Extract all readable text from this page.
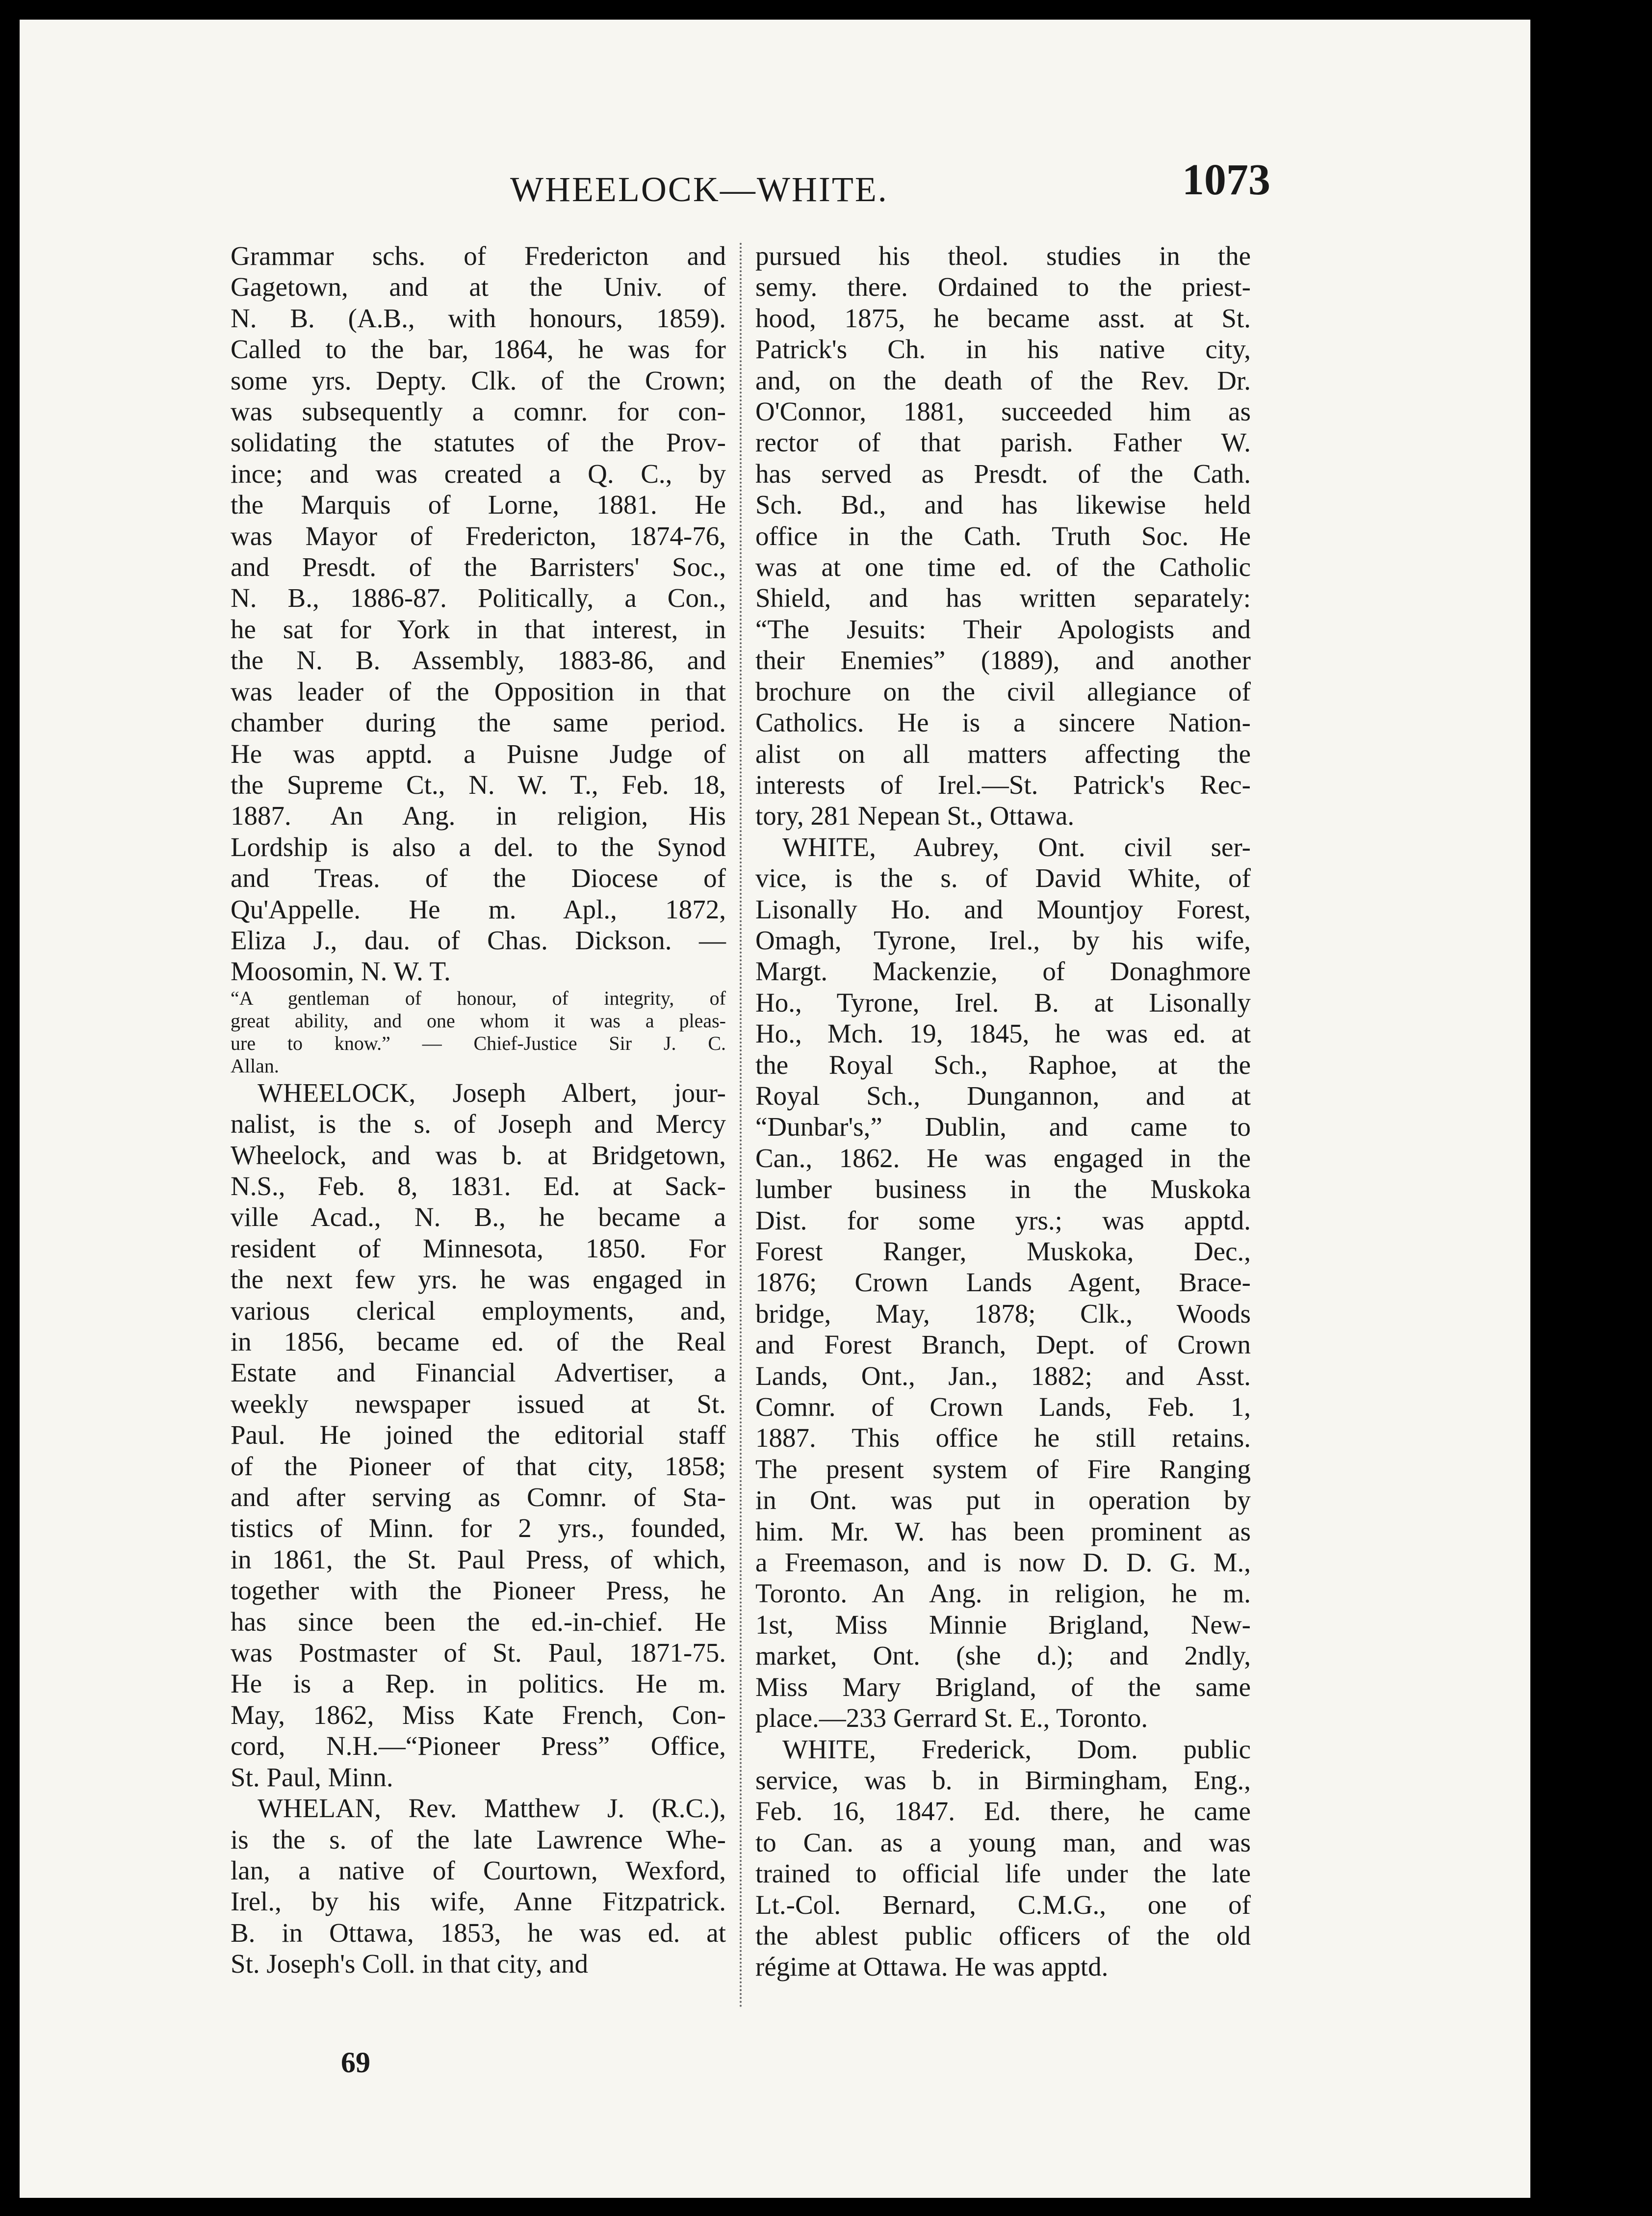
WHEELOCK—WHITE.	1073
Grammar schs. of Fredericton and
Gagetown, and at the Univ. of
N. B. (A.B., with honours, 1859).
Called to the bar, 1864, he was for
some yrs. Depty. Clk. of the Crown;
was subsequently a comnr. for con-
solidating the statutes of the Prov-
ince; and was created a Q. C., by
the Marquis of Lorne, 1881. He
was Mayor of Fredericton, 1874-76,
and Presdt. of the Barristers' Soc.,
N. B., 1886-87. Politically, a Con.,
he sat for York in that interest, in
the N. B. Assembly, 1883-86, and
was leader of the Opposition in that
chamber during the same period.
He was apptd. a Puisne Judge of
the Supreme Ct., N. W. T., Feb. 18,
1887. An Ang. in religion, His
Lordship is also a del. to the Synod
and Treas. of the Diocese of
Qu'Appelle. He m. Apl., 1872,
Eliza J., dau. of Chas. Dickson. —
Moosomin, N. W. T.
“A gentleman of honour, of integrity, of
great ability, and one whom it was a pleas-
ure to know.” — Chief-Justice Sir J. C.
Allan.
WHEELOCK, Joseph Albert, jour-
nalist, is the s. of Joseph and Mercy
Wheelock, and was b. at Bridgetown,
N.S., Feb. 8, 1831. Ed. at Sack-
ville Acad., N. B., he became a
resident of Minnesota, 1850. For
the next few yrs. he was engaged in
various clerical employments, and,
in 1856, became ed. of the Real
Estate and Financial Advertiser, a
weekly newspaper issued at St.
Paul. He joined the editorial staff
of the Pioneer of that city, 1858;
and after serving as Comnr. of Sta-
tistics of Minn. for 2 yrs., founded,
in 1861, the St. Paul Press, of which,
together with the Pioneer Press, he
has since been the ed.-in-chief. He
was Postmaster of St. Paul, 1871-75.
He is a Rep. in politics. He m.
May, 1862, Miss Kate French, Con-
cord, N.H.—“Pioneer Press” Office,
St. Paul, Minn.
WHELAN, Rev. Matthew J. (R.C.),
is the s. of the late Lawrence Whe-
lan, a native of Courtown, Wexford,
Irel., by his wife, Anne Fitzpatrick.
B. in Ottawa, 1853, he was ed. at
St. Joseph's Coll. in that city, and
pursued his theol. studies in the
semy. there. Ordained to the priest-
hood, 1875, he became asst. at St.
Patrick's Ch. in his native city,
and, on the death of the Rev. Dr.
O'Connor, 1881, succeeded him as
rector of that parish. Father W.
has served as Presdt. of the Cath.
Sch. Bd., and has likewise held
office in the Cath. Truth Soc. He
was at one time ed. of the Catholic
Shield, and has written separately:
“The Jesuits: Their Apologists and
their Enemies” (1889), and another
brochure on the civil allegiance of
Catholics. He is a sincere Nation-
alist on all matters affecting the
interests of Irel.—St. Patrick's Rec-
tory, 281 Nepean St., Ottawa.
WHITE, Aubrey, Ont. civil ser-
vice, is the s. of David White, of
Lisonally Ho. and Mountjoy Forest,
Omagh, Tyrone, Irel., by his wife,
Margt. Mackenzie, of Donaghmore
Ho., Tyrone, Irel. B. at Lisonally
Ho., Mch. 19, 1845, he was ed. at
the Royal Sch., Raphoe, at the
Royal Sch., Dungannon, and at
“Dunbar's,” Dublin, and came to
Can., 1862. He was engaged in the
lumber business in the Muskoka
Dist. for some yrs.; was apptd.
Forest Ranger, Muskoka, Dec.,
1876; Crown Lands Agent, Brace-
bridge, May, 1878; Clk., Woods
and Forest Branch, Dept. of Crown
Lands, Ont., Jan., 1882; and Asst.
Comnr. of Crown Lands, Feb. 1,
1887. This office he still retains.
The present system of Fire Ranging
in Ont. was put in operation by
him. Mr. W. has been prominent as
a Freemason, and is now D. D. G. M.,
Toronto. An Ang. in religion, he m.
1st, Miss Minnie Brigland, New-
market, Ont. (she d.); and 2ndly,
Miss Mary Brigland, of the same
place.—233 Gerrard St. E., Toronto.
WHITE, Frederick, Dom. public
service, was b. in Birmingham, Eng.,
Feb. 16, 1847. Ed. there, he came
to Can. as a young man, and was
trained to official life under the late
Lt.-Col. Bernard, C.M.G., one of
the ablest public officers of the old
régime at Ottawa. He was apptd.
69
